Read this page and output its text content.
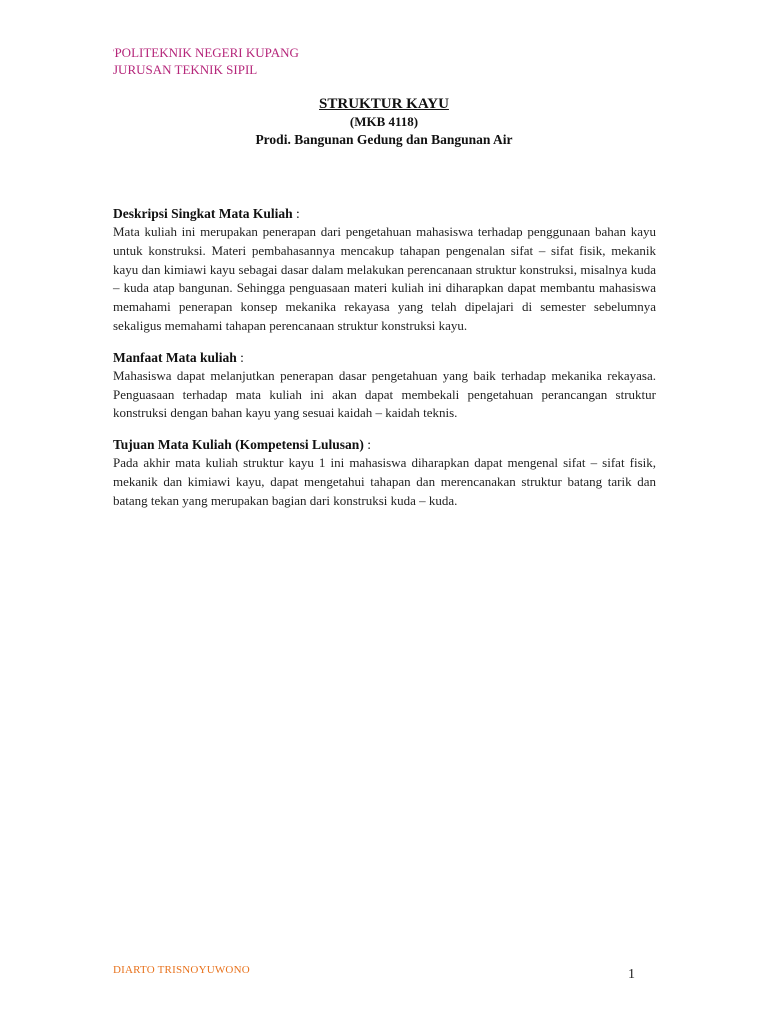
'POLITEKNIK NEGERI KUPANG
JURUSAN TEKNIK SIPIL
STRUKTUR KAYU
(MKB 4118)
Prodi. Bangunan Gedung dan Bangunan Air
Deskripsi Singkat Mata Kuliah :

Mata kuliah ini merupakan penerapan dari pengetahuan mahasiswa terhadap penggunaan bahan kayu untuk konstruksi. Materi pembahasannya mencakup tahapan pengenalan sifat – sifat fisik, mekanik kayu dan kimiawi kayu sebagai dasar dalam melakukan perencanaan struktur konstruksi, misalnya kuda – kuda atap bangunan. Sehingga penguasaan materi kuliah ini diharapkan dapat membantu mahasiswa memahami penerapan konsep mekanika rekayasa yang telah dipelajari di semester sebelumnya sekaligus memahami tahapan perencanaan struktur konstruksi kayu.

Manfaat Mata kuliah :

Mahasiswa dapat melanjutkan penerapan dasar pengetahuan yang baik terhadap mekanika rekayasa. Penguasaan terhadap mata kuliah ini akan dapat membekali pengetahuan perancangan struktur konstruksi dengan bahan kayu yang sesuai kaidah – kaidah teknis.

Tujuan Mata Kuliah (Kompetensi Lulusan) :

Pada akhir mata kuliah struktur kayu 1 ini mahasiswa diharapkan dapat mengenal sifat – sifat fisik, mekanik dan kimiawi kayu, dapat mengetahui tahapan dan merencanakan struktur batang tarik dan batang tekan yang merupakan bagian dari konstruksi kuda – kuda.

DIARTO TRISNOYUWONO	1
